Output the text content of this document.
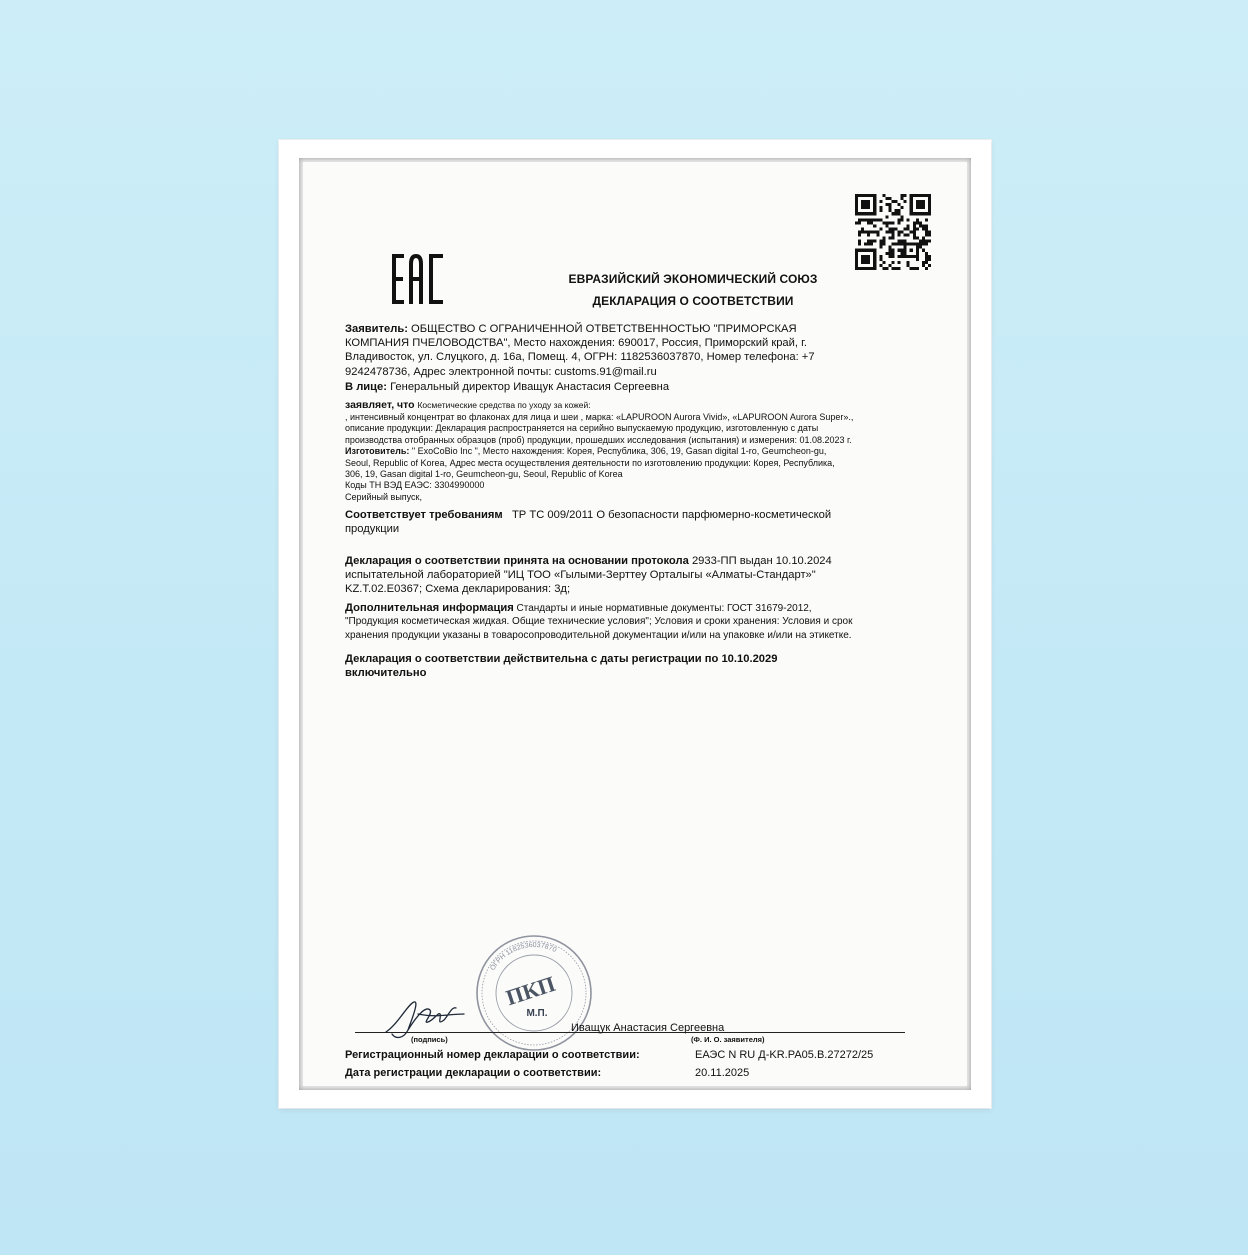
ЕВРАЗИЙСКИЙ ЭКОНОМИЧЕСКИЙ СОЮЗ
ДЕКЛАРАЦИЯ О СООТВЕТСТВИИ
Заявитель: ОБЩЕСТВО С ОГРАНИЧЕННОЙ ОТВЕТСТВЕННОСТЬЮ "ПРИМОРСКАЯ
КОМПАНИЯ ПЧЕЛОВОДСТВА", Место нахождения: 690017, Россия, Приморский край, г.
Владивосток, ул. Слуцкого, д. 16а, Помещ. 4, ОГРН: 1182536037870, Номер телефона: +7
9242478736, Адрес электронной почты: customs.91@mail.ru
В лице: Генеральный директор Иващук Анастасия Сергеевна
заявляет, что Косметические средства по уходу за кожей:
, интенсивный концентрат во флаконах для лица и шеи , марка: «LAPUROON Aurora Vivid», «LAPUROON Aurora Super».,
описание продукции: Декларация распространяется на серийно выпускаемую продукцию, изготовленную с даты
производства отобранных образцов (проб) продукции, прошедших исследования (испытания) и измерения: 01.08.2023 г.
Изготовитель: " ExoCoBio Inc ", Место нахождения: Корея, Республика, 306, 19, Gasan digital 1-ro, Geumcheon-gu,
Seoul, Republic of Korea, Адрес места осуществления деятельности по изготовлению продукции: Корея, Республика,
306, 19, Gasan digital 1-ro, Geumcheon-gu, Seoul, Republic of Korea
Коды ТН ВЭД ЕАЭС: 3304990000
Серийный выпуск,
Соответствует требованиям ТР ТС 009/2011 О безопасности парфюмерно-косметической
продукции
Декларация о соответствии принята на основании протокола 2933-ПП выдан 10.10.2024
испытательной лабораторией "ИЦ ТОО «Гылыми-Зерттеу Орталыгы «Алматы-Стандарт»"
KZ.T.02.E0367; Схема декларирования: 3д;
Дополнительная информация Стандарты и иные нормативные документы: ГОСТ 31679-2012,
"Продукция косметическая жидкая. Общие технические условия"; Условия и сроки хранения: Условия и срок
хранения продукции указаны в товаросопроводительной документации и/или на упаковке и/или на этикетке.
Декларация о соответствии действительна с даты регистрации по 10.10.2029
включительно
ОГРН 1182536037870
ПКП
М.П.
Иващук Анастасия Сергеевна
(подпись)	(Ф. И. О. заявителя)
Регистрационный номер декларации о соответствии:	ЕАЭС N RU Д-KR.РА05.В.27272/25
Дата регистрации декларации о соответствии:	20.11.2025
